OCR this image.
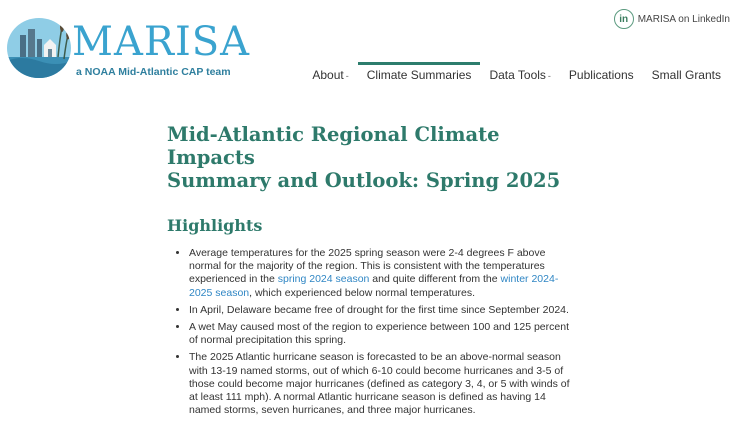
MARISA
a NOAA Mid-Atlantic CAP team
in MARISA on LinkedIn
About -	Climate Summaries	Data Tools -	Publications	Small Grants
Mid-Atlantic Regional Climate Impacts
Summary and Outlook: Spring 2025
Highlights
• Average temperatures for the 2025 spring season were 2-4 degrees F above normal for the majority of the region. This is consistent with the temperatures experienced in the spring 2024 season and quite different from the winter 2024-2025 season, which experienced below normal temperatures.
• In April, Delaware became free of drought for the first time since September 2024.
• A wet May caused most of the region to experience between 100 and 125 percent of normal precipitation this spring.
• The 2025 Atlantic hurricane season is forecasted to be an above-normal season with 13-19 named storms, out of which 6-10 could become hurricanes and 3-5 of those could become major hurricanes (defined as category 3, 4, or 5 with winds of at least 111 mph). A normal Atlantic hurricane season is defined as having 14 named storms, seven hurricanes, and three major hurricanes.
